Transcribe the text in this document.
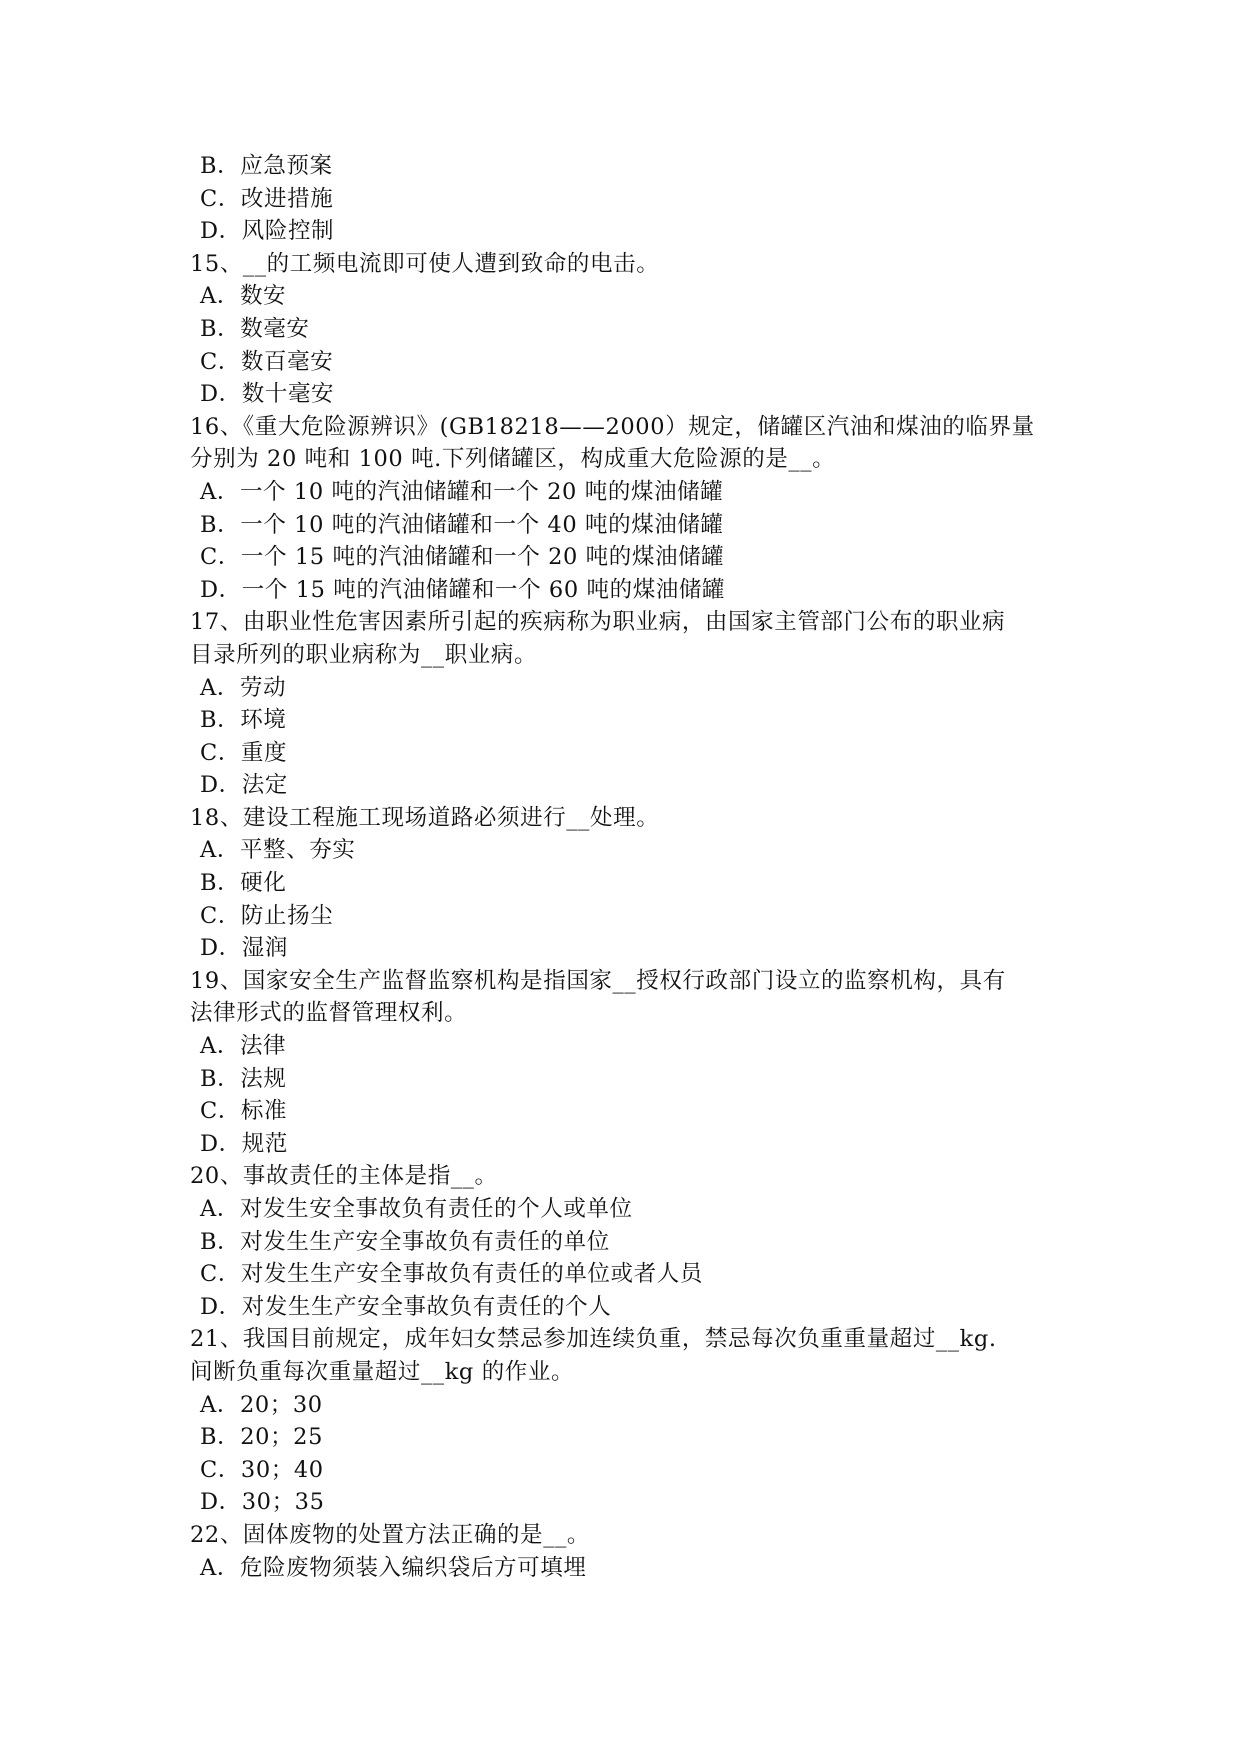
B．应急预案
C．改进措施
D．风险控制
15、__的工频电流即可使人遭到致命的电击。
A．数安
B．数毫安
C．数百毫安
D．数十毫安
16、《重大危险源辨识》(GB18218——2000）规定，储罐区汽油和煤油的临界量
分别为 20 吨和 100 吨.下列储罐区，构成重大危险源的是__。
A．一个 10 吨的汽油储罐和一个 20 吨的煤油储罐
B．一个 10 吨的汽油储罐和一个 40 吨的煤油储罐
C．一个 15 吨的汽油储罐和一个 20 吨的煤油储罐
D．一个 15 吨的汽油储罐和一个 60 吨的煤油储罐
17、由职业性危害因素所引起的疾病称为职业病，由国家主管部门公布的职业病
目录所列的职业病称为__职业病。
A．劳动
B．环境
C．重度
D．法定
18、建设工程施工现场道路必须进行__处理。
A．平整、夯实
B．硬化
C．防止扬尘
D．湿润
19、国家安全生产监督监察机构是指国家__授权行政部门设立的监察机构，具有
法律形式的监督管理权利。
A．法律
B．法规
C．标准
D．规范
20、事故责任的主体是指__。
A．对发生安全事故负有责任的个人或单位
B．对发生生产安全事故负有责任的单位
C．对发生生产安全事故负有责任的单位或者人员
D．对发生生产安全事故负有责任的个人
21、我国目前规定，成年妇女禁忌参加连续负重，禁忌每次负重重量超过__kg.
间断负重每次重量超过__kg 的作业。
A．20；30
B．20；25
C．30；40
D．30；35
22、固体废物的处置方法正确的是__。
A．危险废物须装入编织袋后方可填埋
